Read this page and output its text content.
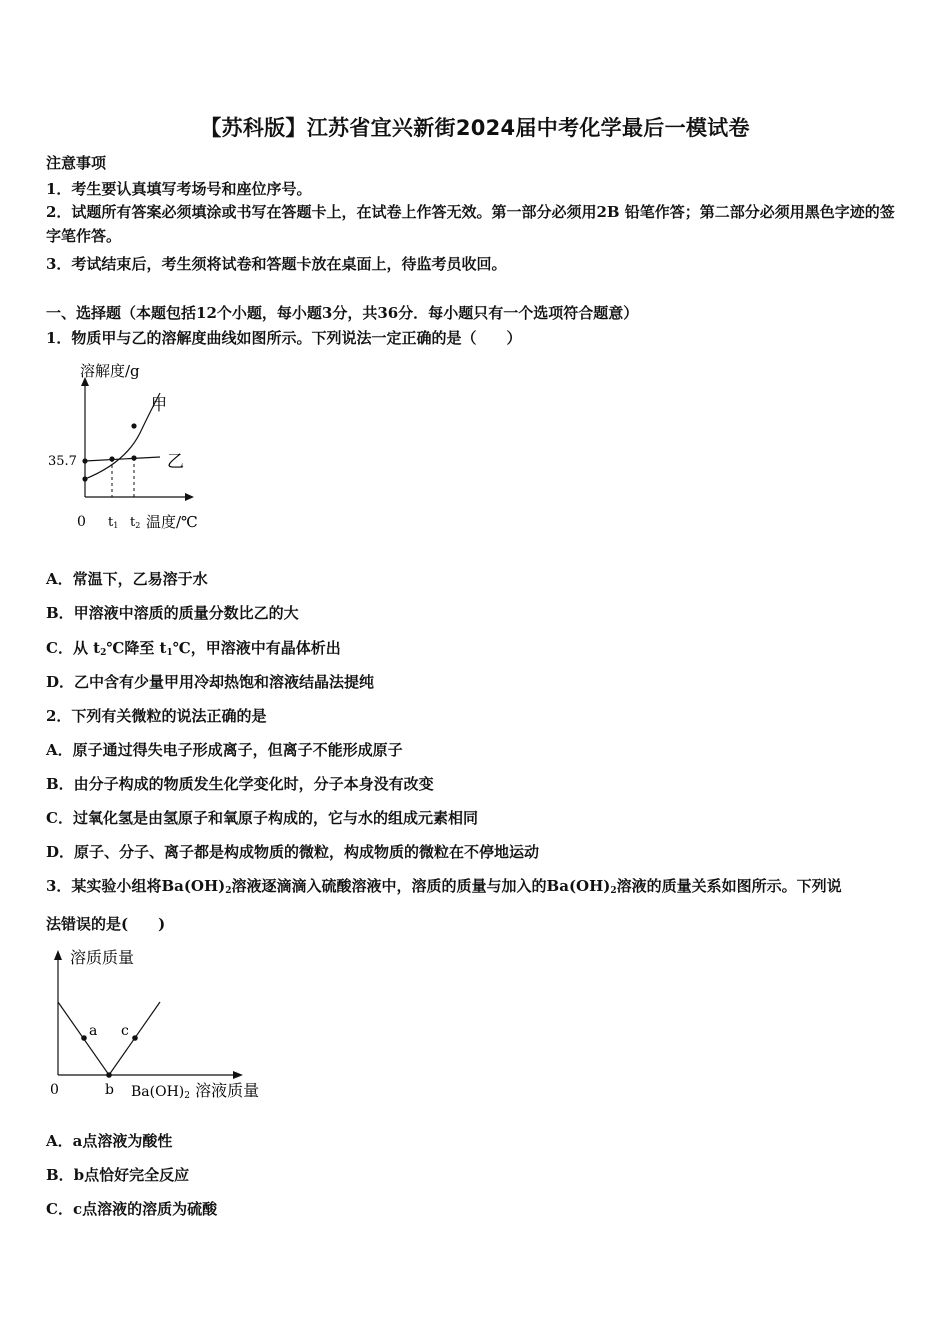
【苏科版】江苏省宜兴新街2024届中考化学最后一模试卷
注意事项
1．考生要认真填写考场号和座位序号。
2．试题所有答案必须填涂或书写在答题卡上，在试卷上作答无效。第一部分必须用2B 铅笔作答；第二部分必须用黑色字迹的签字笔作答。
3．考试结束后，考生须将试卷和答题卡放在桌面上，待监考员收回。
一、选择题（本题包括12个小题，每小题3分，共36分．每小题只有一个选项符合题意）
1．物质甲与乙的溶解度曲线如图所示。下列说法一定正确的是（　　）
溶解度/g
35.7
0 t1 t2 温度/℃
甲
乙
A．常温下，乙易溶于水
B．甲溶液中溶质的质量分数比乙的大
C．从 $t_2℃$降至 $t_1℃$，甲溶液中有晶体析出
D．乙中含有少量甲用冷却热饱和溶液结晶法提纯
2．下列有关微粒的说法正确的是
A．原子通过得失电子形成离子，但离子不能形成原子
B．由分子构成的物质发生化学变化时，分子本身没有改变
C．过氧化氢是由氢原子和氧原子构成的，它与水的组成元素相同
D．原子、分子、离子都是构成物质的微粒，构成物质的微粒在不停地运动
3．某实验小组将$Ba(OH)_2$溶液逐滴滴入硫酸溶液中，溶质的质量与加入的$Ba(OH)_2$溶液的质量关系如图所示。下列说
法错误的是(　　)
溶质质量
0
a
b
c
Ba(OH)2 溶液质量
A．a点溶液为酸性
B．b点恰好完全反应
C．c点溶液的溶质为硫酸
